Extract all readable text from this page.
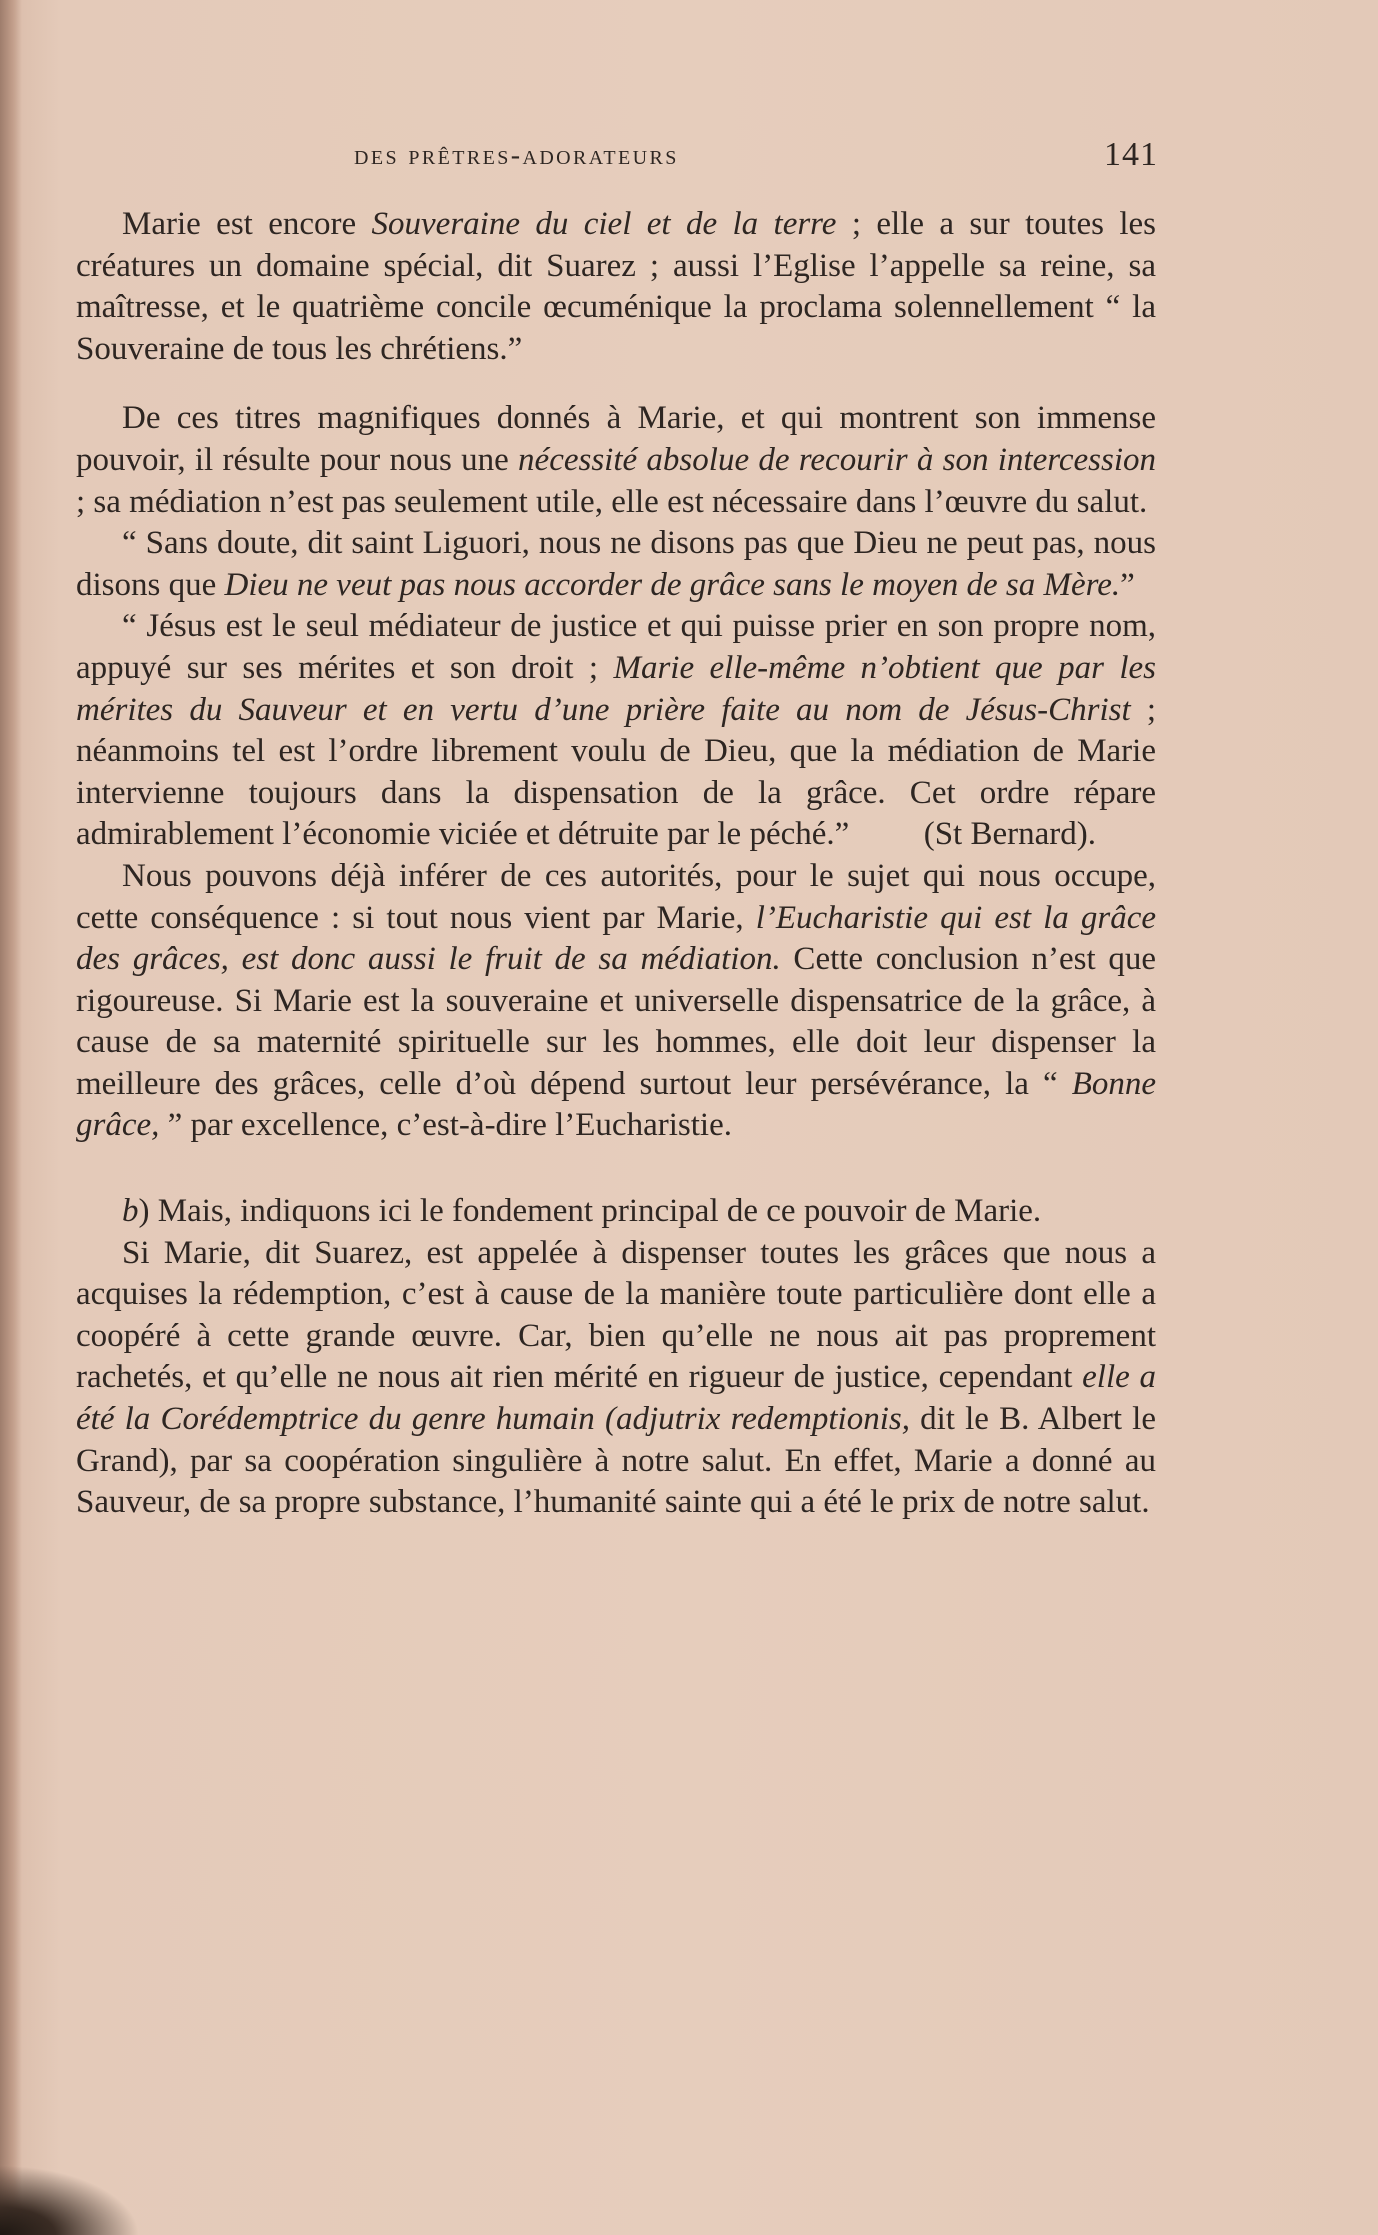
des prêtres-adorateurs	141

Marie est encore Souveraine du ciel et de la terre ; elle a sur toutes les créatures un domaine spécial, dit Suarez ; aussi l’Eglise l’appelle sa reine, sa maîtresse, et le quatrième concile œcuménique la proclama solennellement “ la Souveraine de tous les chrétiens.”

De ces titres magnifiques donnés à Marie, et qui montrent son immense pouvoir, il résulte pour nous une nécessité absolue de recourir à son intercession ; sa médiation n’est pas seulement utile, elle est nécessaire dans l’œuvre du salut.

“ Sans doute, dit saint Liguori, nous ne disons pas que Dieu ne peut pas, nous disons que Dieu ne veut pas nous accorder de grâce sans le moyen de sa Mère.”

“ Jésus est le seul médiateur de justice et qui puisse prier en son propre nom, appuyé sur ses mérites et son droit ; Marie elle-même n’obtient que par les mérites du Sauveur et en vertu d’une prière faite au nom de Jésus-Christ ; néanmoins tel est l’ordre librement voulu de Dieu, que la médiation de Marie intervienne toujours dans la dispensation de la grâce. Cet ordre répare admirablement l’économie viciée et détruite par le péché.”	(St Bernard).

Nous pouvons déjà inférer de ces autorités, pour le sujet qui nous occupe, cette conséquence : si tout nous vient par Marie, l’Eucharistie qui est la grâce des grâces, est donc aussi le fruit de sa médiation. Cette conclusion n’est que rigoureuse. Si Marie est la souveraine et universelle dispensatrice de la grâce, à cause de sa maternité spirituelle sur les hommes, elle doit leur dispenser la meilleure des grâces, celle d’où dépend surtout leur persévérance, la “ Bonne grâce, ” par excellence, c’est-à-dire l’Eucharistie.

b) Mais, indiquons ici le fondement principal de ce pouvoir de Marie.

Si Marie, dit Suarez, est appelée à dispenser toutes les grâces que nous a acquises la rédemption, c’est à cause de la manière toute particulière dont elle a coopéré à cette grande œuvre. Car, bien qu’elle ne nous ait pas proprement rachetés, et qu’elle ne nous ait rien mérité en rigueur de justice, cependant elle a été la Corédemptrice du genre humain (adjutrix redemptionis, dit le B. Albert le Grand), par sa coopération singulière à notre salut. En effet, Marie a donné au Sauveur, de sa propre substance, l’humanité sainte qui a été le prix de notre salut.
